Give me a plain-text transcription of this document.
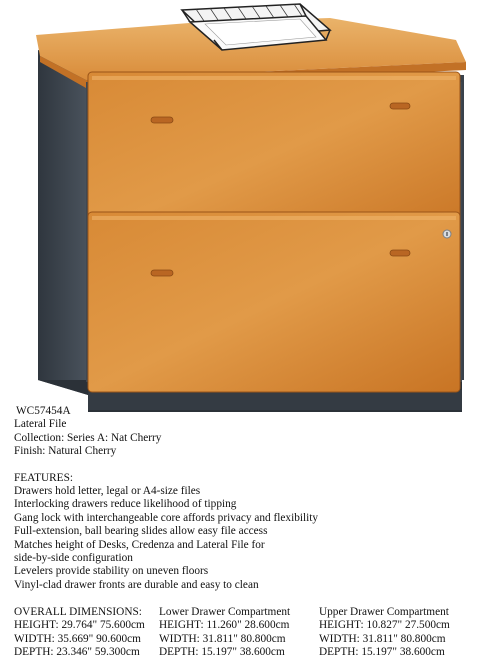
WC57454A
Lateral File
Collection: Series A: Nat Cherry
Finish: Natural Cherry
FEATURES:
Drawers hold letter, legal or A4-size files
Interlocking drawers reduce likelihood of tipping
Gang lock with interchangeable core affords privacy and flexibility
Full-extension, ball bearing slides allow easy file access
Matches height of Desks, Credenza and Lateral File for
side-by-side configuration
Levelers provide stability on uneven floors
Vinyl-clad drawer fronts are durable and easy to clean
OVERALL DIMENSIONS:
HEIGHT: 29.764" 75.600cm
WIDTH: 35.669" 90.600cm
DEPTH: 23.346" 59.300cm
Lower Drawer Compartment
HEIGHT: 11.260" 28.600cm
WIDTH: 31.811" 80.800cm
DEPTH: 15.197" 38.600cm
Upper Drawer Compartment
HEIGHT: 10.827" 27.500cm
WIDTH: 31.811" 80.800cm
DEPTH: 15.197" 38.600cm
